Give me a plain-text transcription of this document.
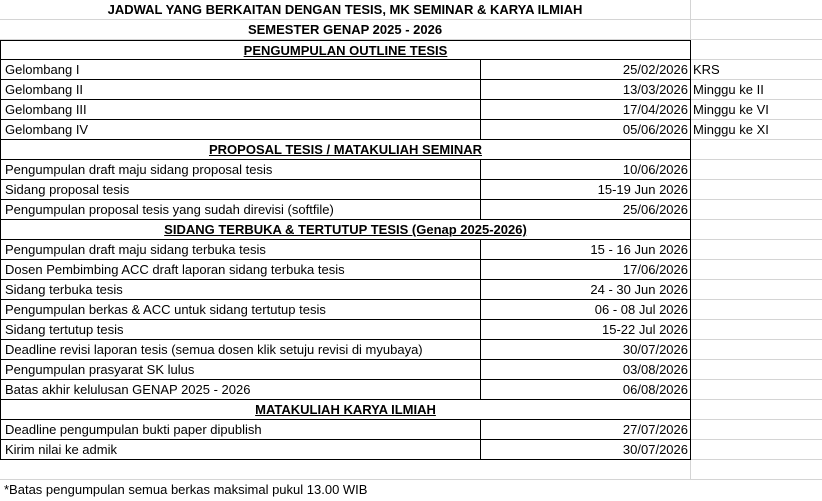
JADWAL YANG BERKAITAN DENGAN TESIS, MK SEMINAR & KARYA ILMIAH
SEMESTER GENAP 2025 - 2026
PENGUMPULAN OUTLINE TESIS
Gelombang I	25/02/2026 KRS
Gelombang II	13/03/2026 Minggu ke II
Gelombang III	17/04/2026 Minggu ke VI
Gelombang IV	05/06/2026 Minggu ke XI
PROPOSAL TESIS / MATAKULIAH SEMINAR
Pengumpulan draft maju sidang proposal tesis	10/06/2026
Sidang proposal tesis	15-19 Jun 2026
Pengumpulan proposal tesis yang sudah direvisi (softfile)	25/06/2026
SIDANG TERBUKA & TERTUTUP TESIS (Genap 2025-2026)
Pengumpulan draft maju sidang terbuka tesis	15 - 16 Jun 2026
Dosen Pembimbing ACC draft laporan sidang terbuka tesis	17/06/2026
Sidang terbuka tesis	24 - 30 Jun 2026
Pengumpulan berkas & ACC untuk sidang tertutup tesis	06 - 08 Jul 2026
Sidang tertutup tesis	15-22 Jul 2026
Deadline revisi laporan tesis (semua dosen klik setuju revisi di myubaya)	30/07/2026
Pengumpulan prasyarat SK lulus	03/08/2026
Batas akhir kelulusan GENAP 2025 - 2026	06/08/2026
MATAKULIAH KARYA ILMIAH
Deadline pengumpulan bukti paper dipublish	27/07/2026
Kirim nilai ke admik	30/07/2026
*Batas pengumpulan semua berkas maksimal pukul 13.00 WIB
